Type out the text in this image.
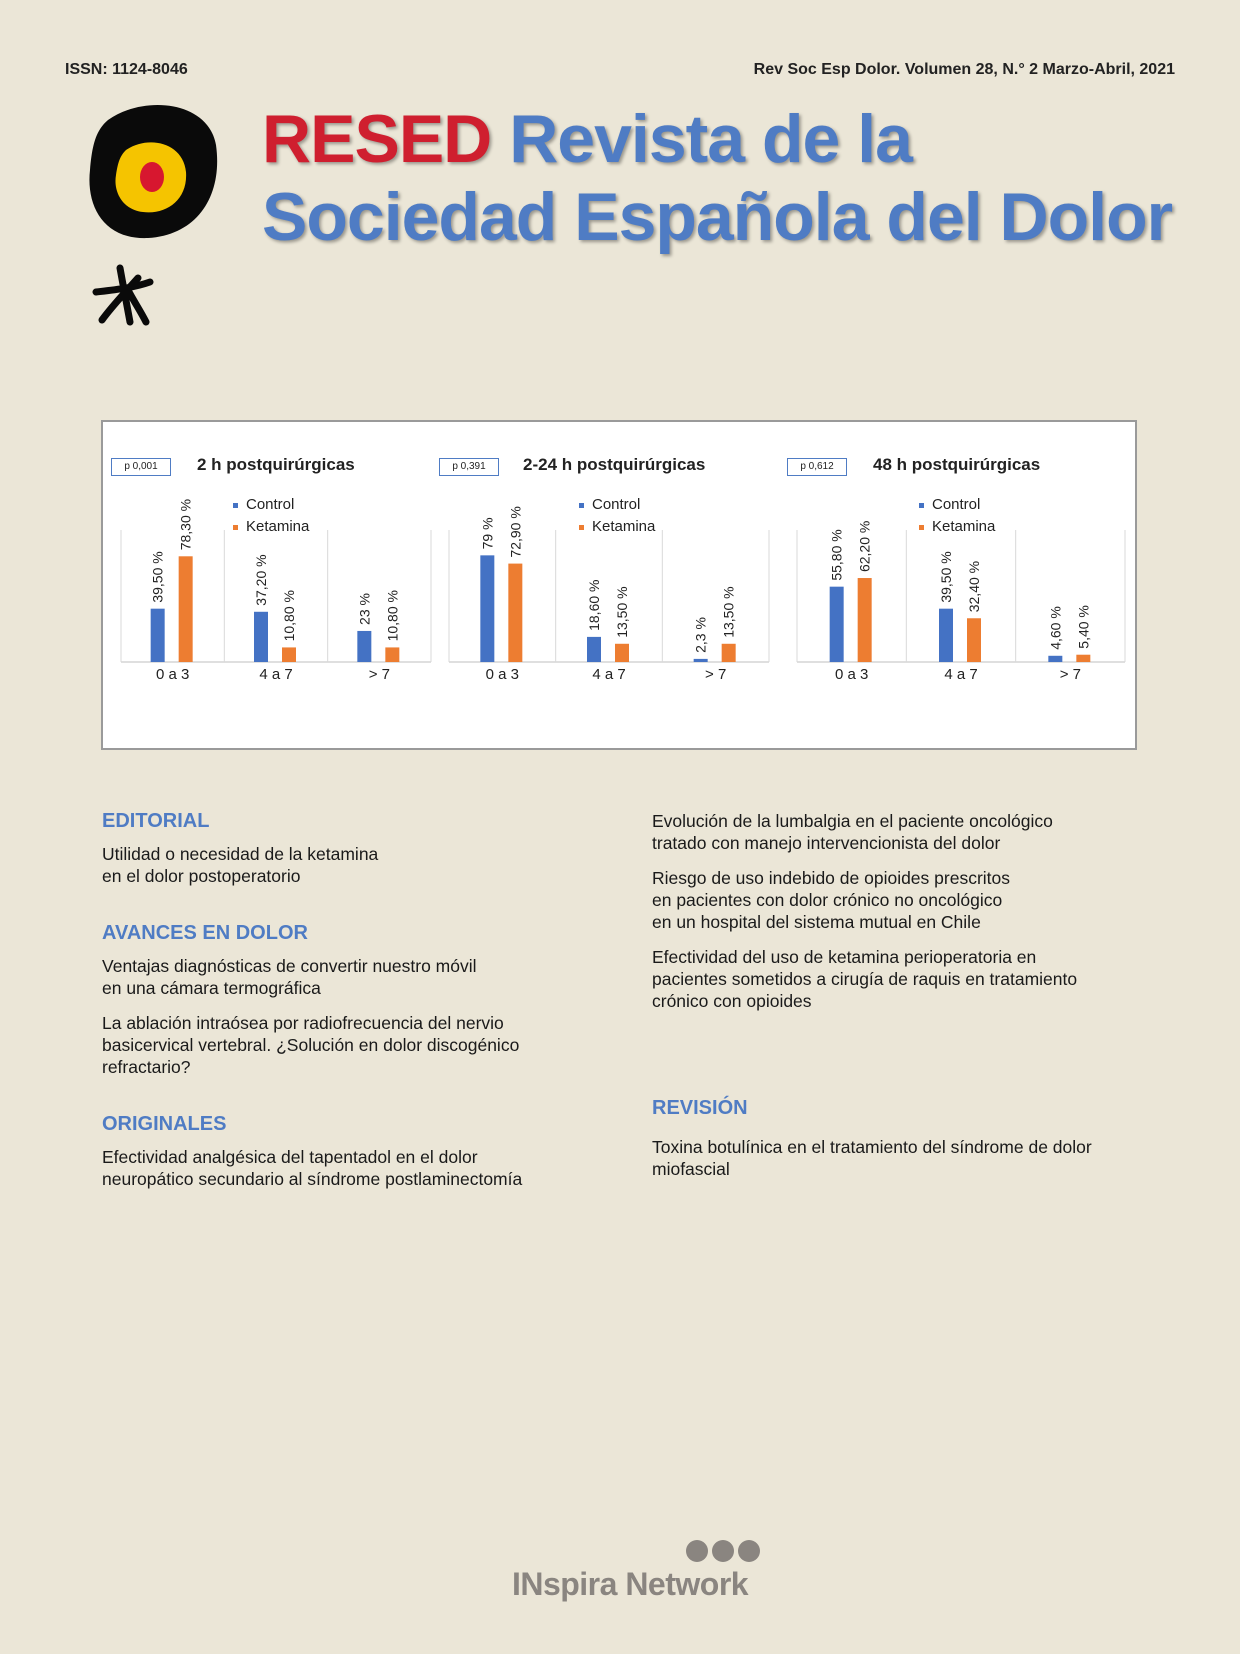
ISSN: 1124-8046	Rev Soc Esp Dolor. Volumen 28, N.° 2 Marzo-Abril, 2021
RESED Revista de la
Sociedad Española del Dolor
p 0,001	2 h postquirúrgicas
Control
Ketamina
39,50 %
78,30 %
0 a 3
37,20 %
10,80 %
4 a 7
23 % 10,80 %
> 7
p 0,391	2-24 h postquirúrgicas
Control
Ketamina
79 % 72,90 %
0 a 3
18,60 % 13,50 %
4 a 7
2,3 % 13,50 %
> 7
p 0,612	48 h postquirúrgicas
Control
Ketamina
55,80 % 62,20 %
0 a 3
39,50 % 32,40 %
4 a 7
4,60 % 5,40 %
> 7
EDITORIAL
Utilidad o necesidad de la ketamina
en el dolor postoperatorio
AVANCES EN DOLOR
Ventajas diagnósticas de convertir nuestro móvil
en una cámara termográfica
La ablación intraósea por radiofrecuencia del nervio
basicervical vertebral. ¿Solución en dolor discogénico
refractario?
ORIGINALES
Efectividad analgésica del tapentadol en el dolor
neuropático secundario al síndrome postlaminectomía
Evolución de la lumbalgia en el paciente oncológico
tratado con manejo intervencionista del dolor
Riesgo de uso indebido de opioides prescritos
en pacientes con dolor crónico no oncológico
en un hospital del sistema mutual en Chile
Efectividad del uso de ketamina perioperatoria en
pacientes sometidos a cirugía de raquis en tratamiento
crónico con opioides
REVISIÓN
Toxina botulínica en el tratamiento del síndrome de dolor
miofascial
INspira Network
